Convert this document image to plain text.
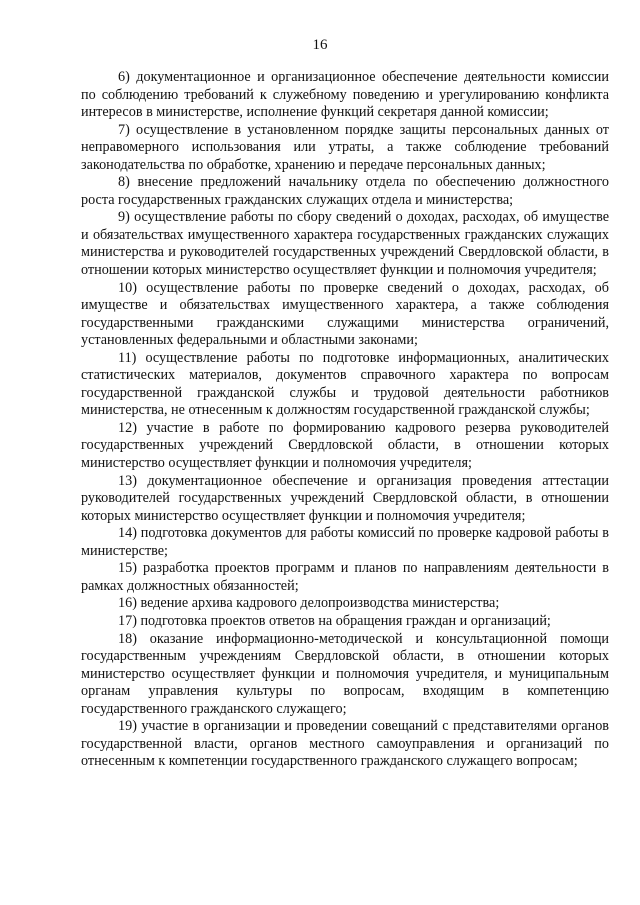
16

6) документационное и организационное обеспечение деятельности комиссии по соблюдению требований к служебному поведению и урегулированию конфликта интересов в министерстве, исполнение функций секретаря данной комиссии;

7) осуществление в установленном порядке защиты персональных данных от неправомерного использования или утраты, а также соблюдение требований законодательства по обработке, хранению и передаче персональных данных;

8) внесение предложений начальнику отдела по обеспечению должностного роста государственных гражданских служащих отдела и министерства;

9) осуществление работы по сбору сведений о доходах, расходах, об имуществе и обязательствах имущественного характера государственных гражданских служащих министерства и руководителей государственных учреждений Свердловской области, в отношении которых министерство осуществляет функции и полномочия учредителя;

10) осуществление работы по проверке сведений о доходах, расходах, об имуществе и обязательствах имущественного характера, а также соблюдения государственными гражданскими служащими министерства ограничений, установленных федеральными и областными законами;

11) осуществление работы по подготовке информационных, аналитических статистических материалов, документов справочного характера по вопросам государственной гражданской службы и трудовой деятельности работников министерства, не отнесенным к должностям государственной гражданской службы;

12) участие в работе по формированию кадрового резерва руководителей государственных учреждений Свердловской области, в отношении которых министерство осуществляет функции и полномочия учредителя;

13) документационное обеспечение и организация проведения аттестации руководителей государственных учреждений Свердловской области, в отношении которых министерство осуществляет функции и полномочия учредителя;

14) подготовка документов для работы комиссий по проверке кадровой работы в министерстве;

15) разработка проектов программ и планов по направлениям деятельности в рамках должностных обязанностей;

16) ведение архива кадрового делопроизводства министерства;

17) подготовка проектов ответов на обращения граждан и организаций;

18) оказание информационно-методической и консультационной помощи государственным учреждениям Свердловской области, в отношении которых министерство осуществляет функции и полномочия учредителя, и муниципальным органам управления культуры по вопросам, входящим в компетенцию государственного гражданского служащего;

19) участие в организации и проведении совещаний с представителями органов государственной власти, органов местного самоуправления и организаций по отнесенным к компетенции государственного гражданского служащего вопросам;
